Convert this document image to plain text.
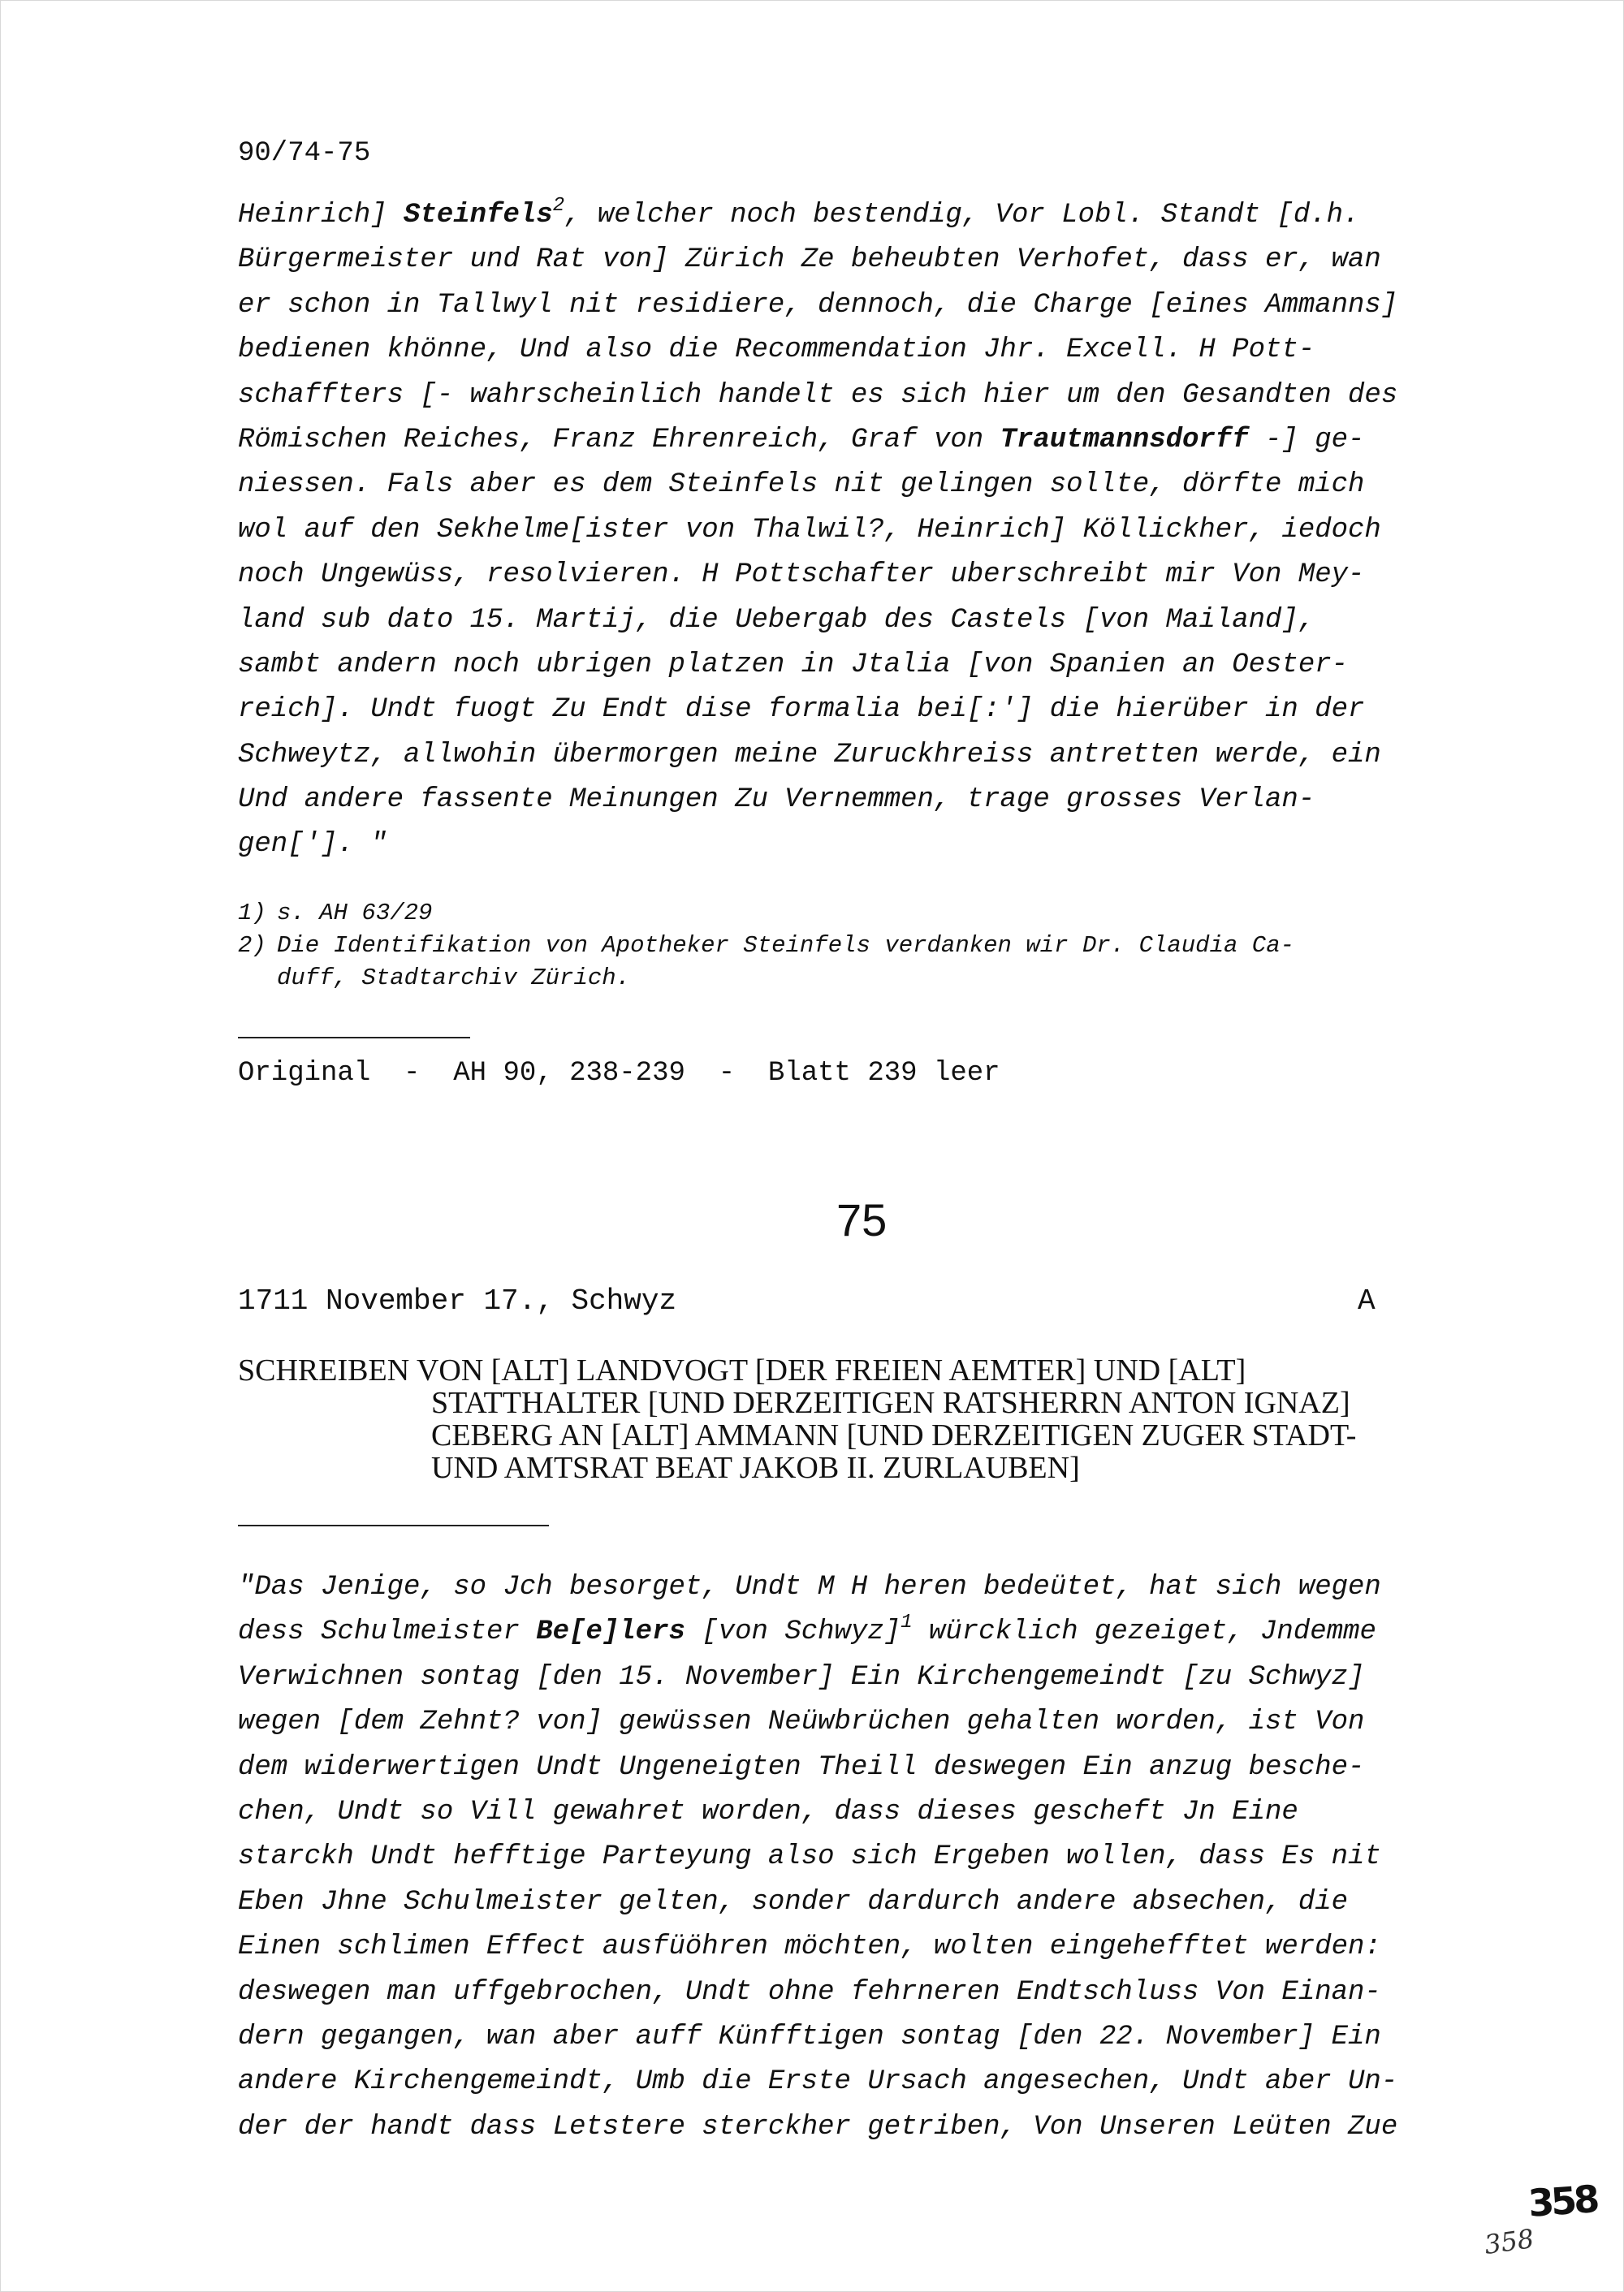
90/74-75
Heinrich] Steinfels$^2$, welcher noch bestendig, Vor Lobl. Standt [d.h.
Bürgermeister und Rat von] Zürich Ze beheubten Verhofet, dass er, wan
er schon in Tallwyl nit residiere, dennoch, die Charge [eines Ammanns]
bedienen khönne, Und also die Recommendation Jhr. Excell. H Pott-
schaffters [- wahrscheinlich handelt es sich hier um den Gesandten des
Römischen Reiches, Franz Ehrenreich, Graf von Trautmannsdorff -] ge-
niessen. Fals aber es dem Steinfels nit gelingen sollte, dörfte mich
wol auf den Sekhelme[ister von Thalwil?, Heinrich] Köllickher, iedoch
noch Ungewüss, resolvieren. H Pottschafter uberschreibt mir Von Mey-
land sub dato 15. Martij, die Uebergab des Castels [von Mailand],
sambt andern noch ubrigen platzen in Jtalia [von Spanien an Oester-
reich]. Undt fuogt Zu Endt dise formalia bei[:'] die hierüber in der
Schweytz, allwohin übermorgen meine Zuruckhreiss antretten werde, ein
Und andere fassente Meinungen Zu Vernemmen, trage grosses Verlan-
gen[']. "
1) s. AH 63/29
2) Die Identifikation von Apotheker Steinfels verdanken wir Dr. Claudia Ca-
duff, Stadtarchiv Zürich.
Original  -  AH 90, 238-239  -  Blatt 239 leer
75
1711 November 17., Schwyz	A
SCHREIBEN VON [ALT] LANDVOGT [DER FREIEN AEMTER] UND [ALT]
STATTHALTER [UND DERZEITIGEN RATSHERRN ANTON IGNAZ]
CEBERG AN [ALT] AMMANN [UND DERZEITIGEN ZUGER STADT-
UND AMTSRAT BEAT JAKOB II. ZURLAUBEN]
"Das Jenige, so Jch besorget, Undt M H heren bedeütet, hat sich wegen
dess Schulmeister Be[e]lers [von Schwyz]$^1$ würcklich gezeiget, Jndemme
Verwichnen sontag [den 15. November] Ein Kirchengemeindt [zu Schwyz]
wegen [dem Zehnt? von] gewüssen Neüwbrüchen gehalten worden, ist Von
dem widerwertigen Undt Ungeneigten Theill deswegen Ein anzug besche-
chen, Undt so Vill gewahret worden, dass dieses gescheft Jn Eine
starckh Undt hefftige Parteyung also sich Ergeben wollen, dass Es nit
Eben Jhne Schulmeister gelten, sonder dardurch andere absechen, die
Einen schlimen Effect ausfüöhren möchten, wolten eingehefftet werden:
deswegen man uffgebrochen, Undt ohne fehrneren Endtschluss Von Einan-
dern gegangen, wan aber auff Künfftigen sontag [den 22. November] Ein
andere Kirchengemeindt, Umb die Erste Ursach angesechen, Undt aber Un-
der der handt dass Letstere sterckher getriben, Von Unseren Leüten Zue
358
358
